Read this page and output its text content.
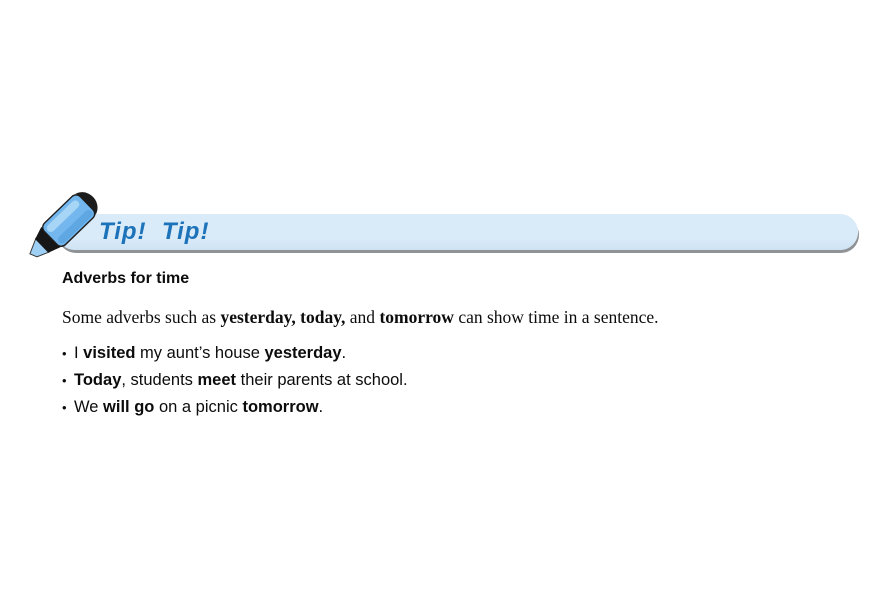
Tip!  Tip!
Adverbs for time

Some adverbs such as yesterday, today, and tomorrow can show time in a sentence.

• I visited my aunt’s house yesterday.
• Today, students meet their parents at school.
• We will go on a picnic tomorrow.
